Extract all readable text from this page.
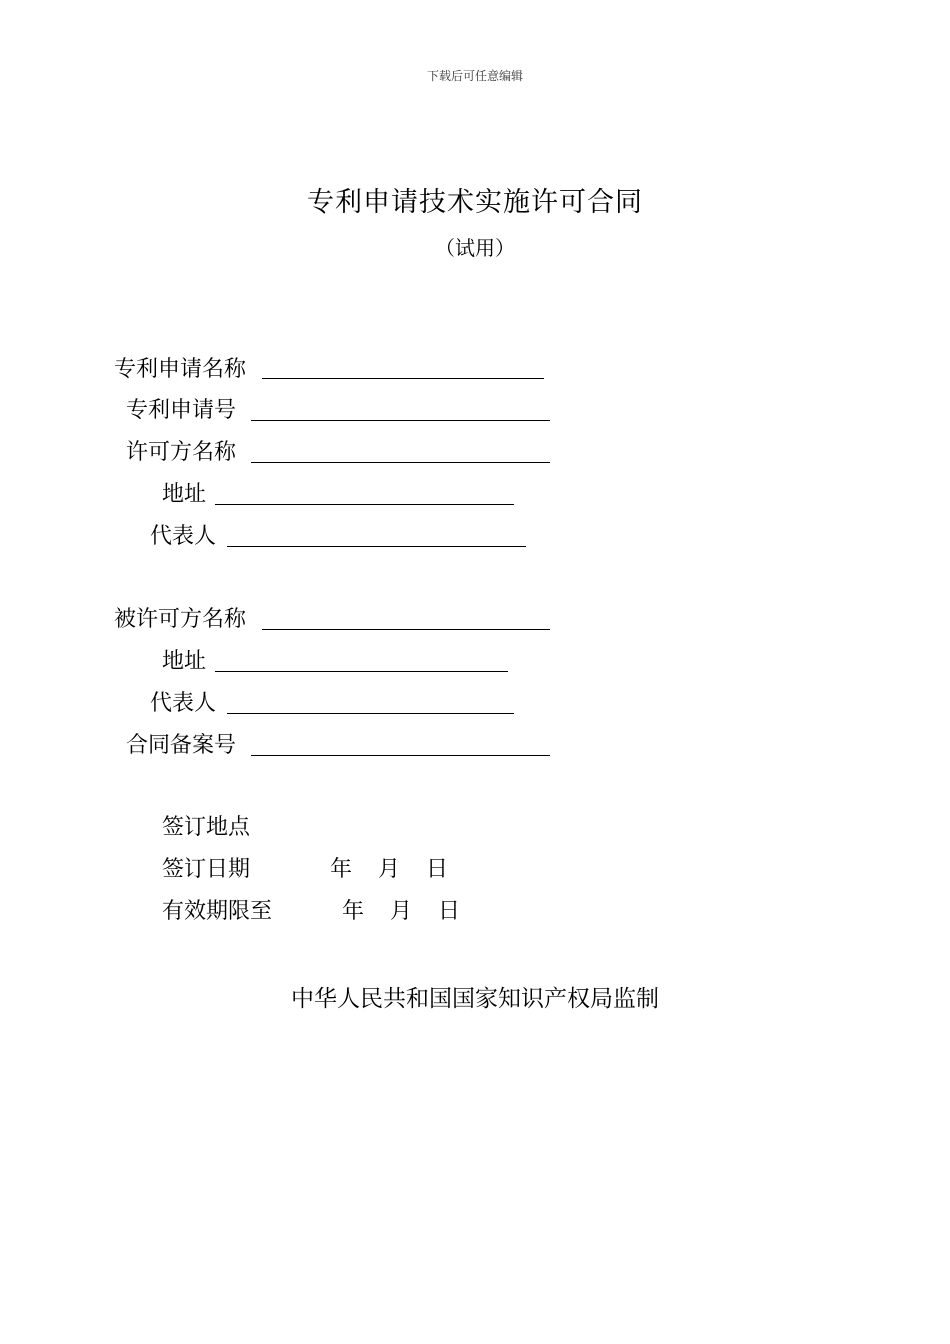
下载后可任意编辑
专利申请技术实施许可合同
（试用）
专利申请名称
专利申请号
许可方名称
地址
代表人
被许可方名称
地址
代表人
合同备案号
签订地点
签订日期	年 月 日
有效期限至	年 月 日
中华人民共和国国家知识产权局监制
